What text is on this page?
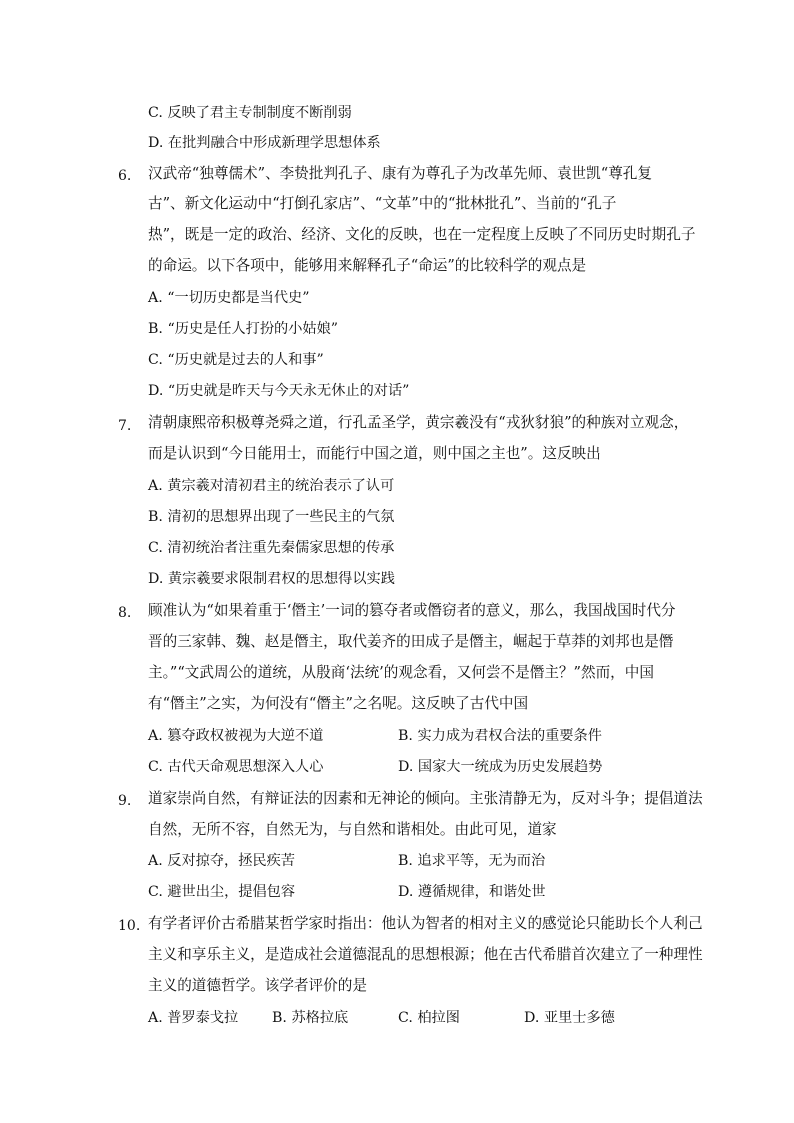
C. 反映了君主专制制度不断削弱
D. 在批判融合中形成新理学思想体系
6. 汉武帝“独尊儒术”、李贽批判孔子、康有为尊孔子为改革先师、袁世凯“尊孔复
古”、新文化运动中“打倒孔家店”、“文革”中的“批林批孔”、当前的“孔子
热”，既是一定的政治、经济、文化的反映，也在一定程度上反映了不同历史时期孔子
的命运。以下各项中，能够用来解释孔子“命运”的比较科学的观点是
A. “一切历史都是当代史”
B. “历史是任人打扮的小姑娘”
C. “历史就是过去的人和事”
D. “历史就是昨天与今天永无休止的对话”
7. 清朝康熙帝积极尊尧舜之道，行孔孟圣学，黄宗羲没有“戎狄豺狼”的种族对立观念，
而是认识到“今日能用士，而能行中国之道，则中国之主也”。这反映出
A. 黄宗羲对清初君主的统治表示了认可
B. 清初的思想界出现了一些民主的气氛
C. 清初统治者注重先秦儒家思想的传承
D. 黄宗羲要求限制君权的思想得以实践
8. 顾准认为“如果着重于‘僭主’一词的篡夺者或僭窃者的意义，那么，我国战国时代分
晋的三家韩、魏、赵是僭主，取代姜齐的田成子是僭主，崛起于草莽的刘邦也是僭
主。”“文武周公的道统，从殷商‘法统’的观念看，又何尝不是僭主？”然而，中国
有“僭主”之实，为何没有“僭主”之名呢。这反映了古代中国
A. 篡夺政权被视为大逆不道	B. 实力成为君权合法的重要条件
C. 古代天命观思想深入人心	D. 国家大一统成为历史发展趋势
9. 道家崇尚自然，有辩证法的因素和无神论的倾向。主张清静无为，反对斗争；提倡道法
自然，无所不容，自然无为，与自然和谐相处。由此可见，道家
A. 反对掠夺，拯民疾苦	B. 追求平等，无为而治
C. 避世出尘，提倡包容	D. 遵循规律，和谐处世
10. 有学者评价古希腊某哲学家时指出：他认为智者的相对主义的感觉论只能助长个人利己
主义和享乐主义，是造成社会道德混乱的思想根源；他在古代希腊首次建立了一种理性
主义的道德哲学。该学者评价的是
A. 普罗泰戈拉 B. 苏格拉底	C. 柏拉图	D. 亚里士多德
